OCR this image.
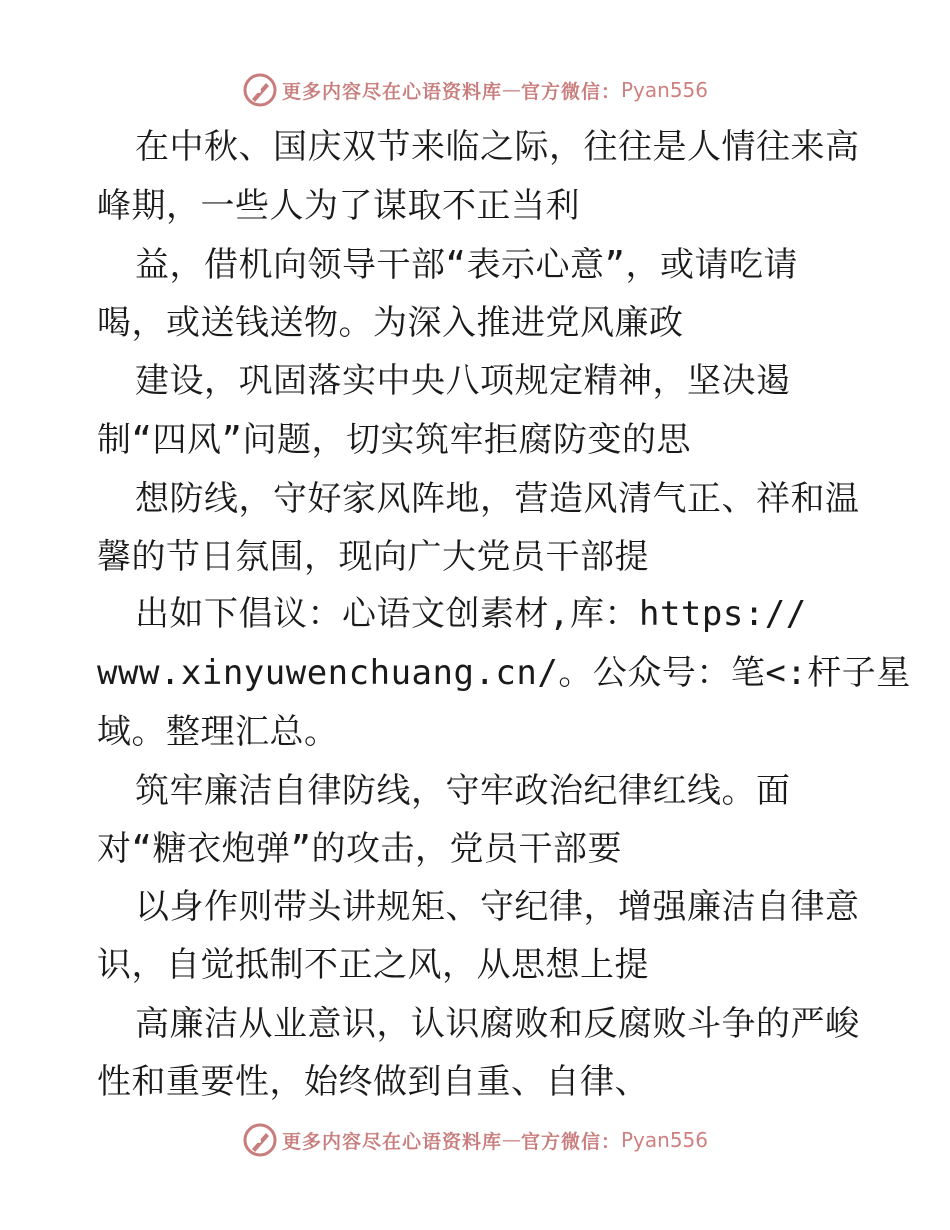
更多内容尽在心语资料库 — 官方微信： Pyan556
在中秋、国庆双节来临之际，往往是人情往来高
峰期，一些人为了谋取不正当利
益，借机向领导干部“表示心意”，或请吃请
喝，或送钱送物。为深入推进党风廉政
建设，巩固落实中央八项规定精神，坚决遏
制“四风”问题，切实筑牢拒腐防变的思
想防线，守好家风阵地，营造风清气正、祥和温
馨的节日氛围，现向广大党员干部提
出如下倡议：心语文创素材,库：https://
www.xinyuwenchuang.cn/。公众号：笔<:杆子星
域。整理汇总。
筑牢廉洁自律防线，守牢政治纪律红线。面
对“糖衣炮弹”的攻击，党员干部要
以身作则带头讲规矩、守纪律，增强廉洁自律意
识，自觉抵制不正之风，从思想上提
高廉洁从业意识，认识腐败和反腐败斗争的严峻
性和重要性，始终做到自重、自律、
更多内容尽在心语资料库 — 官方微信： Pyan556
